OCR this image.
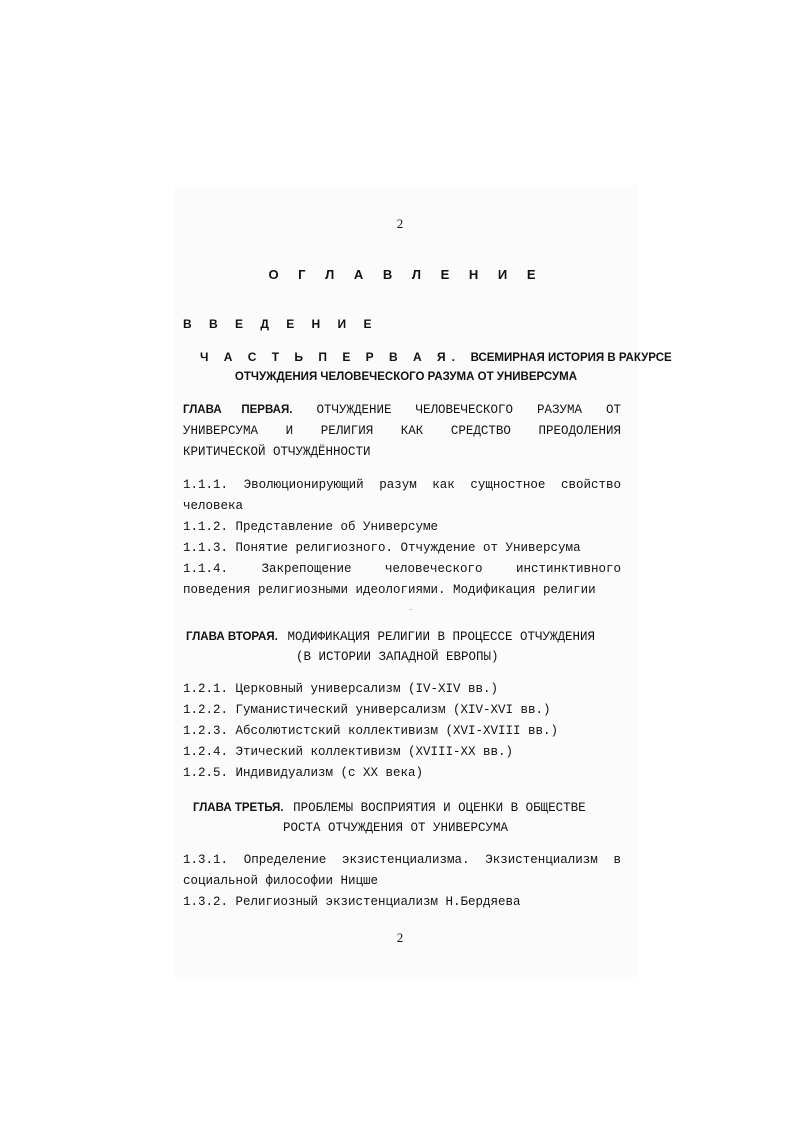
2
О Г Л А В Л Е Н И Е
В В Е Д Е Н И Е
Ч А С Т Ь П Е Р В А Я. ВСЕМИРНАЯ ИСТОРИЯ В РАКУРСЕ
ОТЧУЖДЕНИЯ ЧЕЛОВЕЧЕСКОГО РАЗУМА ОТ УНИВЕРСУМА
ГЛАВА ПЕРВАЯ. ОТЧУЖДЕНИЕ ЧЕЛОВЕЧЕСКОГО РАЗУМА ОТ
УНИВЕРСУМА И РЕЛИГИЯ КАК СРЕДСТВО ПРЕОДОЛЕНИЯ
КРИТИЧЕСКОЙ ОТЧУЖДЁННОСТИ
1.1.1. Эволюционирующий разум как сущностное свойство
человека
1.1.2. Представление об Универсуме
1.1.3. Понятие религиозного. Отчуждение от Универсума
1.1.4. Закрепощение человеческого инстинктивного
поведения религиозными идеологиями. Модификация религии
ГЛАВА ВТОРАЯ. МОДИФИКАЦИЯ РЕЛИГИИ В ПРОЦЕССЕ ОТЧУЖДЕНИЯ
(В ИСТОРИИ ЗАПАДНОЙ ЕВРОПЫ)
1.2.1. Церковный универсализм (IV-XIV вв.)
1.2.2. Гуманистический универсализм (XIV-XVI вв.)
1.2.3. Абсолютистский коллективизм (XVI-XVIII вв.)
1.2.4. Этический коллективизм (XVIII-XX вв.)
1.2.5. Индивидуализм (с XX века)
ГЛАВА ТРЕТЬЯ. ПРОБЛЕМЫ ВОСПРИЯТИЯ И ОЦЕНКИ В ОБЩЕСТВЕ
РОСТА ОТЧУЖДЕНИЯ ОТ УНИВЕРСУМА
1.3.1. Определение экзистенциализма. Экзистенциализм в
социальной философии Ницше
1.3.2. Религиозный экзистенциализм Н.Бердяева
2
